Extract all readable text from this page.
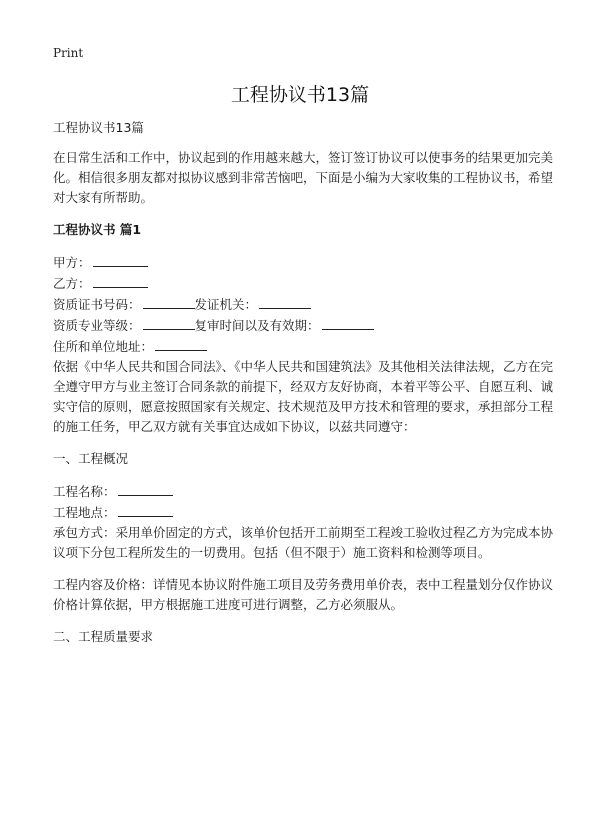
Print
工程协议书13篇

工程协议书13篇

在日常生活和工作中，协议起到的作用越来越大，签订签订协议可以使事务的结果更加完美化。相信很多朋友都对拟协议感到非常苦恼吧，下面是小编为大家收集的工程协议书，希望对大家有所帮助。

工程协议书 篇1

甲方：

乙方：

资质证书号码：	发证机关：

资质专业等级：	复审时间以及有效期：

住所和单位地址：

依据《中华人民共和国合同法》、《中华人民共和国建筑法》及其他相关法律法规，乙方在完全遵守甲方与业主签订合同条款的前提下，经双方友好协商，本着平等公平、自愿互利、诚实守信的原则，愿意按照国家有关规定、技术规范及甲方技术和管理的要求，承担部分工程的施工任务，甲乙双方就有关事宜达成如下协议，以兹共同遵守：

一、工程概况

工程名称：

工程地点：

承包方式：采用单价固定的方式，该单价包括开工前期至工程竣工验收过程乙方为完成本协议项下分包工程所发生的一切费用。包括（但不限于）施工资料和检测等项目。

工程内容及价格：详情见本协议附件施工项目及劳务费用单价表，表中工程量划分仅作协议价格计算依据，甲方根据施工进度可进行调整，乙方必须服从。

二、工程质量要求
